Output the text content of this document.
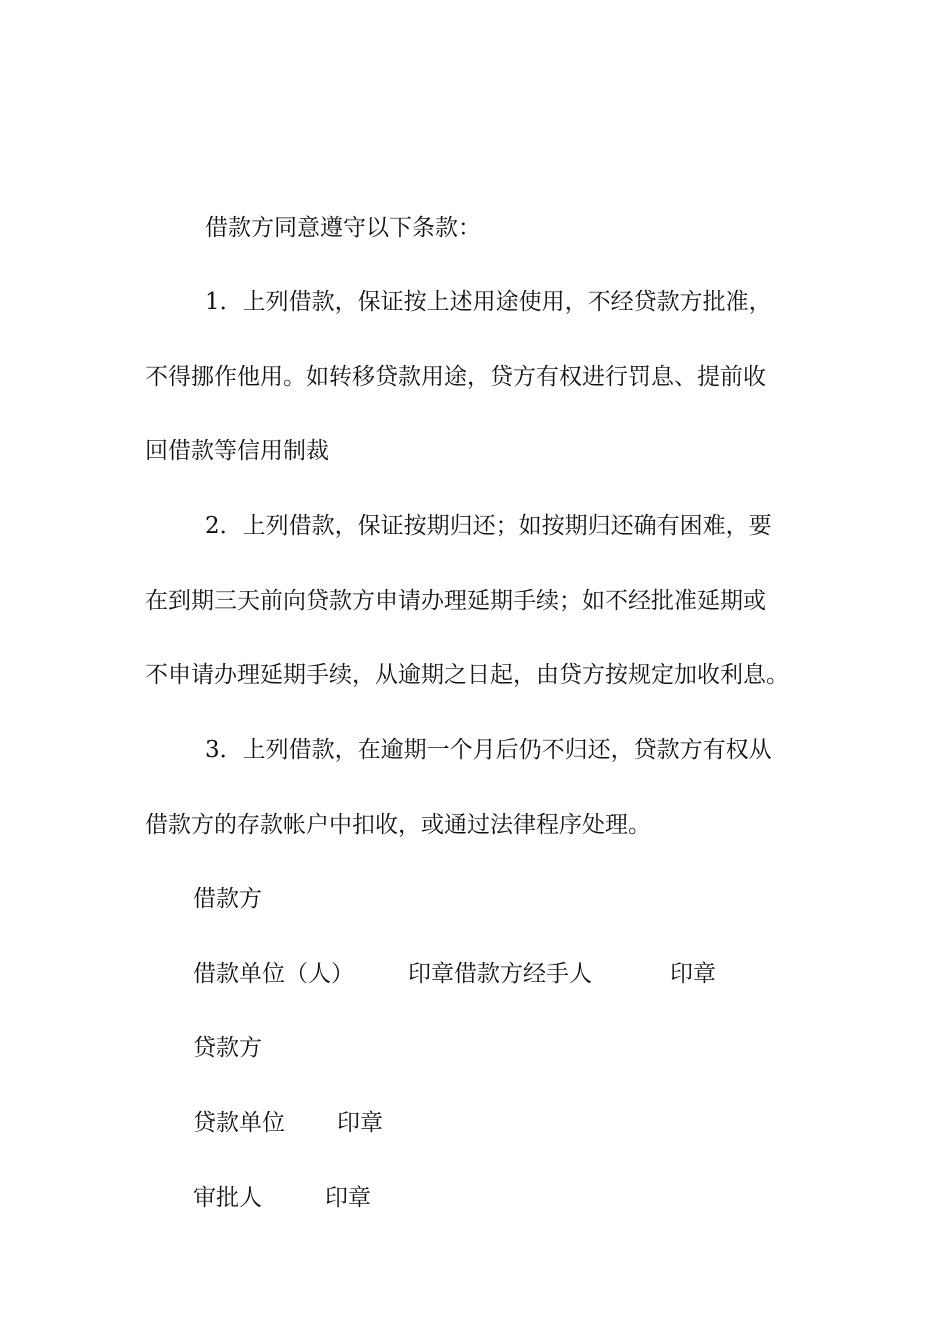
借款方同意遵守以下条款：
1．上列借款，保证按上述用途使用，不经贷款方批准，
不得挪作他用。如转移贷款用途，贷方有权进行罚息、提前收
回借款等信用制裁
2．上列借款，保证按期归还；如按期归还确有困难，要
在到期三天前向贷款方申请办理延期手续；如不经批准延期或
不申请办理延期手续，从逾期之日起，由贷方按规定加收利息。
3．上列借款，在逾期一个月后仍不归还，贷款方有权从
借款方的存款帐户中扣收，或通过法律程序处理。
借款方
借款单位（人） 印章借款方经手人	印章
贷款方
贷款单位 印章
审批人	印章
